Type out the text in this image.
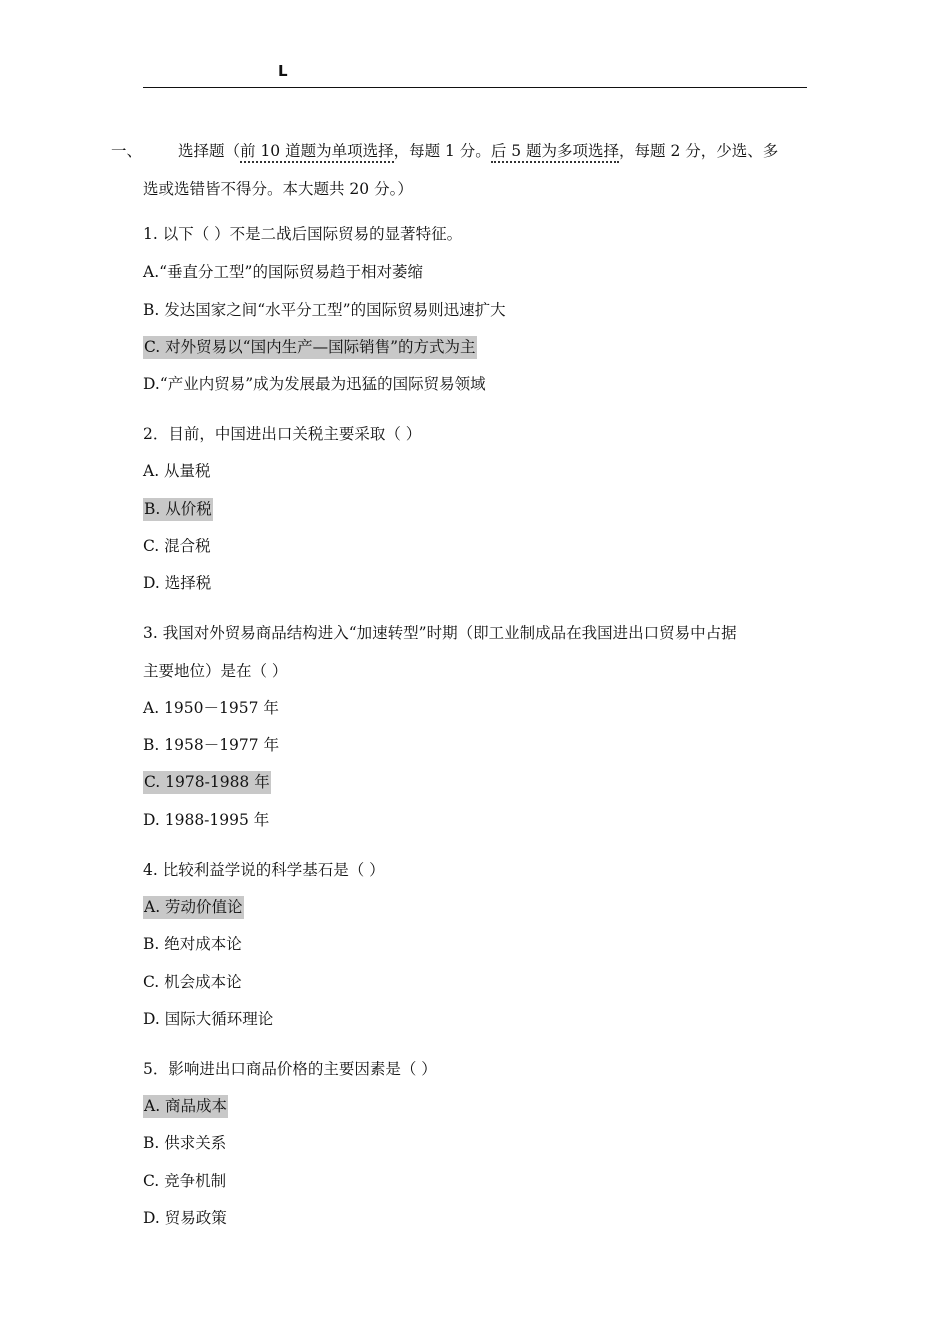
L
一、 选择题（前 10 道题为单项选择，每题 1 分。后 5 题为多项选择，每题 2 分，少选、多
选或选错皆不得分。本大题共 20 分。）
1. 以下（ ）不是二战后国际贸易的显著特征。
A.“垂直分工型”的国际贸易趋于相对萎缩
B. 发达国家之间“水平分工型”的国际贸易则迅速扩大
C. 对外贸易以“国内生产—国际销售”的方式为主
D.“产业内贸易”成为发展最为迅猛的国际贸易领域
2．目前，中国进出口关税主要采取（ ）
A. 从量税
B. 从价税
C. 混合税
D. 选择税
3. 我国对外贸易商品结构进入“加速转型”时期（即工业制成品在我国进出口贸易中占据
主要地位）是在（ ）
A. 1950－1957 年
B. 1958－1977 年
C. 1978-1988 年
D. 1988-1995 年
4. 比较利益学说的科学基石是（ ）
A. 劳动价值论
B. 绝对成本论
C. 机会成本论
D. 国际大循环理论
5．影响进出口商品价格的主要因素是（ ）
A. 商品成本
B. 供求关系
C. 竞争机制
D. 贸易政策
